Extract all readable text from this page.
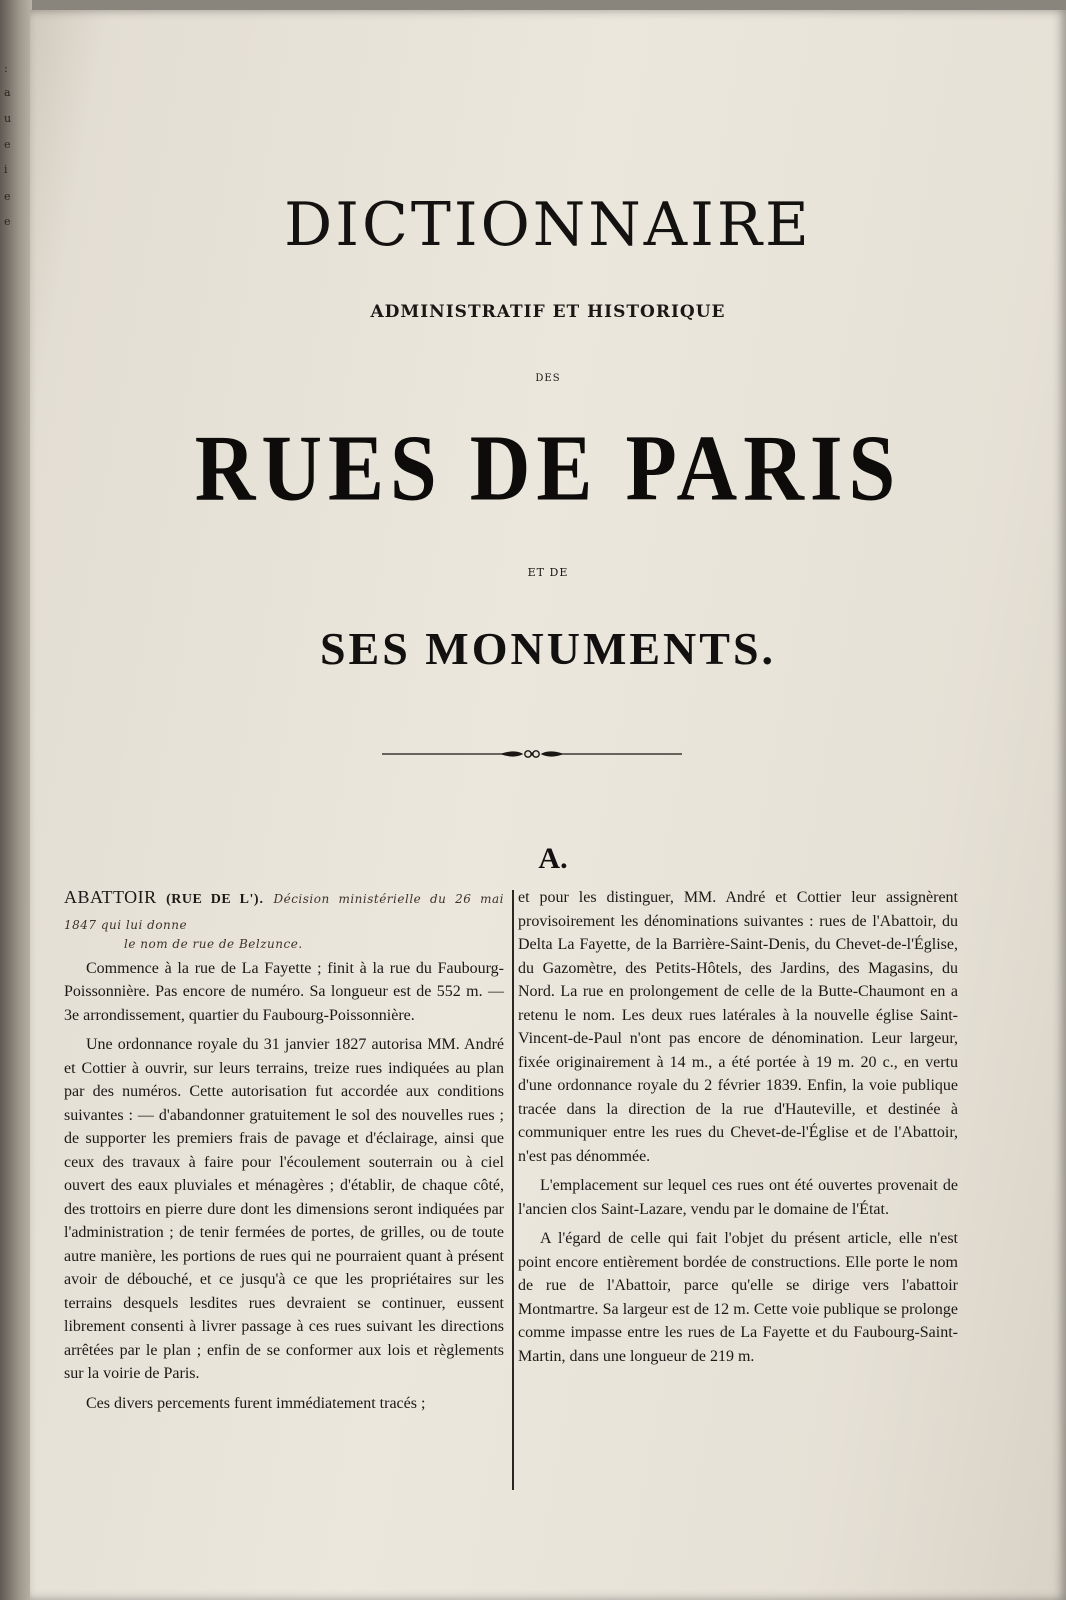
:
a
u
e
i
e
e	DICTIONNAIRE
ADMINISTRATIF ET HISTORIQUE
DES
RUES DE PARIS
ET DE
SES MONUMENTS.
A.
ABATTOIR (RUE DE L'). Décision ministérielle du 26 mai 1847 qui lui donne
le nom de rue de Belzunce.

Commence à la rue de La Fayette ; finit à la rue du Faubourg-Poissonnière. Pas encore de numéro. Sa longueur est de 552 m. — 3e arrondissement, quartier du Faubourg-Poissonnière.

Une ordonnance royale du 31 janvier 1827 autorisa MM. André et Cottier à ouvrir, sur leurs terrains, treize rues indiquées au plan par des numéros. Cette autorisation fut accordée aux conditions suivantes : — d'abandonner gratuitement le sol des nouvelles rues ; de supporter les premiers frais de pavage et d'éclairage, ainsi que ceux des travaux à faire pour l'écoulement souterrain ou à ciel ouvert des eaux pluviales et ménagères ; d'établir, de chaque côté, des trottoirs en pierre dure dont les dimensions seront indiquées par l'administration ; de tenir fermées de portes, de grilles, ou de toute autre manière, les portions de rues qui ne pourraient quant à présent avoir de débouché, et ce jusqu'à ce que les propriétaires sur les terrains desquels lesdites rues devraient se continuer, eussent librement consenti à livrer passage à ces rues suivant les directions arrêtées par le plan ; enfin de se conformer aux lois et règlements sur la voirie de Paris.

Ces divers percements furent immédiatement tracés ;

et pour les distinguer, MM. André et Cottier leur assignèrent provisoirement les dénominations suivantes : rues de l'Abattoir, du Delta La Fayette, de la Barrière-Saint-Denis, du Chevet-de-l'Église, du Gazomètre, des Petits-Hôtels, des Jardins, des Magasins, du Nord. La rue en prolongement de celle de la Butte-Chaumont en a retenu le nom. Les deux rues latérales à la nouvelle église Saint-Vincent-de-Paul n'ont pas encore de dénomination. Leur largeur, fixée originairement à 14 m., a été portée à 19 m. 20 c., en vertu d'une ordonnance royale du 2 février 1839. Enfin, la voie publique tracée dans la direction de la rue d'Hauteville, et destinée à communiquer entre les rues du Chevet-de-l'Église et de l'Abattoir, n'est pas dénommée.

L'emplacement sur lequel ces rues ont été ouvertes provenait de l'ancien clos Saint-Lazare, vendu par le domaine de l'État.

A l'égard de celle qui fait l'objet du présent article, elle n'est point encore entièrement bordée de constructions. Elle porte le nom de rue de l'Abattoir, parce qu'elle se dirige vers l'abattoir Montmartre. Sa largeur est de 12 m. Cette voie publique se prolonge comme impasse entre les rues de La Fayette et du Faubourg-Saint-Martin, dans une longueur de 219 m.
